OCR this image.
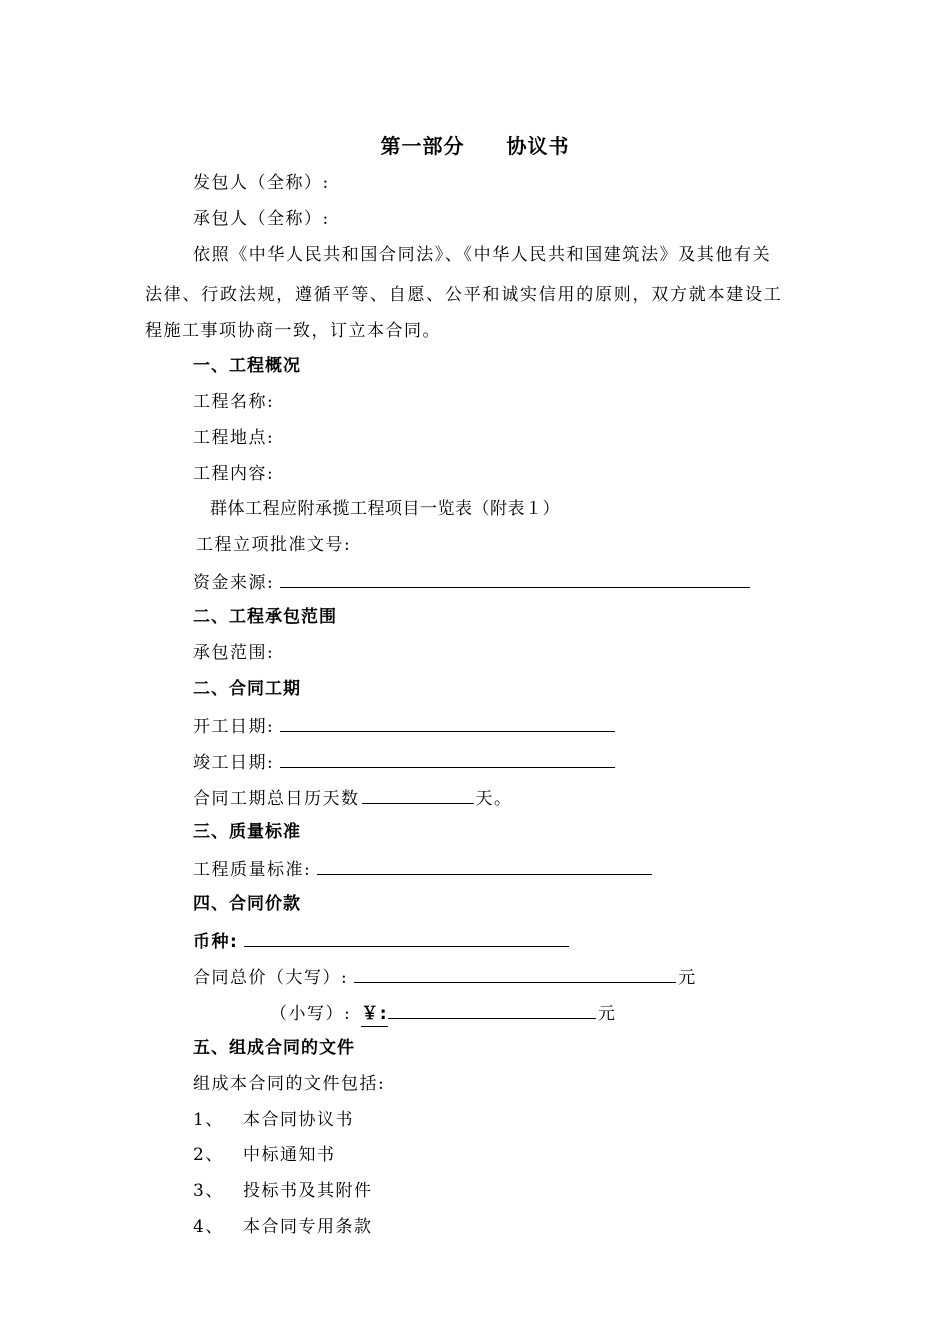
第一部分　　协议书
发包人（全称）:
承包人（全称）:
依照《中华人民共和国合同法》、《中华人民共和国建筑法》及其他有关
法律、行政法规，遵循平等、自愿、公平和诚实信用的原则，双方就本建设工
程施工事项协商一致，订立本合同。
一、工程概况
工程名称:
工程地点:
工程内容:
群体工程应附承揽工程项目一览表（附表１）
工程立项批准文号:
资金来源:
二、工程承包范围
承包范围:
二、合同工期
开工日期:
竣工日期:
合同工期总日历天数	天。
三、质量标准
工程质量标准:
四、合同价款
币种:
合同总价（大写）:	元
（小写）: ￥:	元
五、组成合同的文件
组成本合同的文件包括:
1、 本合同协议书
2、 中标通知书
3、 投标书及其附件
4、 本合同专用条款
